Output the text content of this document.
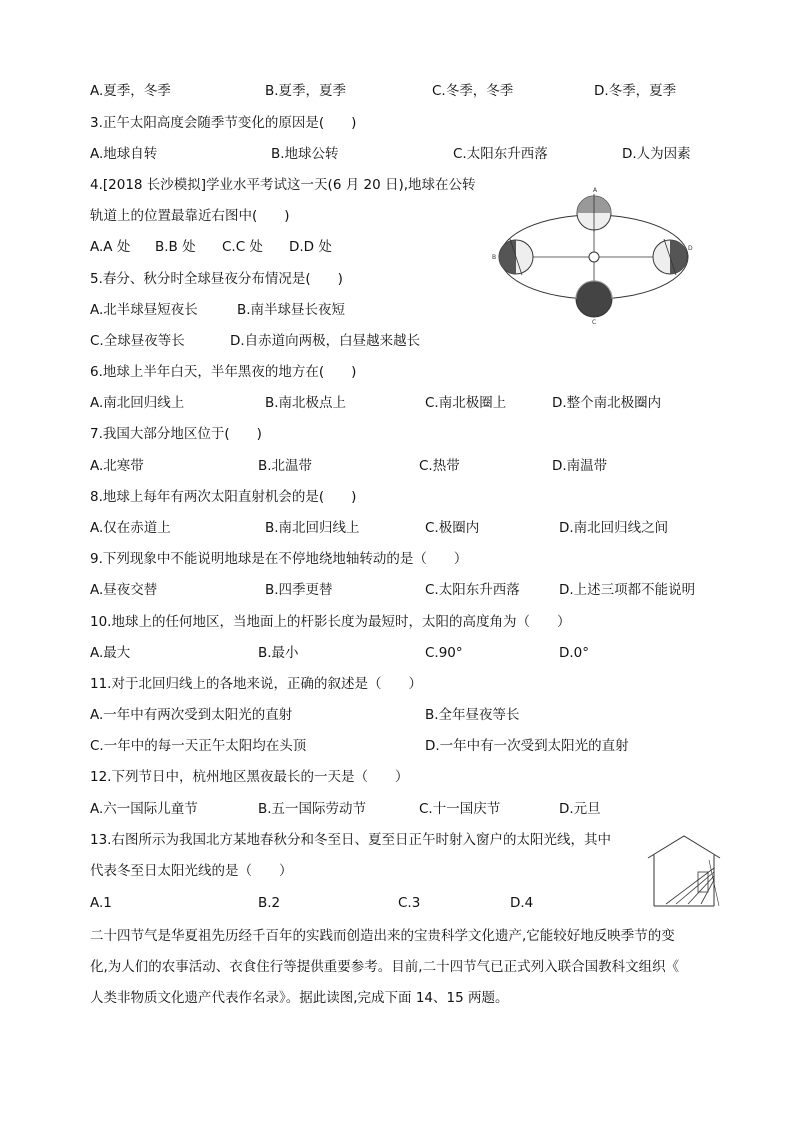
A.夏季，冬季	B.夏季，夏季	C.冬季，冬季	D.冬季，夏季
3.正午太阳高度会随季节变化的原因是(　　)
A.地球自转	B.地球公转	C.太阳东升西落	D.人为因素
4.[2018 长沙模拟]学业水平考试这一天(6 月 20 日),地球在公转
轨道上的位置最靠近右图中(　　)
A.A 处 B.B 处 C.C 处 D.D 处
A
B
C
D
5.春分、秋分时全球昼夜分布情况是(　　)
A.北半球昼短夜长	B.南半球昼长夜短
C.全球昼夜等长	D.自赤道向两极，白昼越来越长
6.地球上半年白天，半年黑夜的地方在(　　)
A.南北回归线上	B.南北极点上	C.南北极圈上	D.整个南北极圈内
7.我国大部分地区位于(　　)
A.北寒带	B.北温带	C.热带	D.南温带
8.地球上每年有两次太阳直射机会的是(　　)
A.仅在赤道上	B.南北回归线上	C.极圈内	D.南北回归线之间
9.下列现象中不能说明地球是在不停地绕地轴转动的是（　　）
A.昼夜交替	B.四季更替	C.太阳东升西落	D.上述三项都不能说明
10.地球上的任何地区，当地面上的杆影长度为最短时，太阳的高度角为（　　）
A.最大	B.最小	C.90°	D.0°
11.对于北回归线上的各地来说，正确的叙述是（　　）
A.一年中有两次受到太阳光的直射	B.全年昼夜等长
C.一年中的每一天正午太阳均在头顶	D.一年中有一次受到太阳光的直射
12.下列节日中，杭州地区黑夜最长的一天是（　　）
A.六一国际儿童节	B.五一国际劳动节	C.十一国庆节	D.元旦
13.右图所示为我国北方某地春秋分和冬至日、夏至日正午时射入窗户的太阳光线，其中
代表冬至日太阳光线的是（　　）
A.1	B.2	C.3	D.4
二十四节气是华夏祖先历经千百年的实践而创造出来的宝贵科学文化遗产,它能较好地反映季节的变
化,为人们的农事活动、衣食住行等提供重要参考。目前,二十四节气已正式列入联合国教科文组织《
人类非物质文化遗产代表作名录》。据此读图,完成下面 14、15 两题。
